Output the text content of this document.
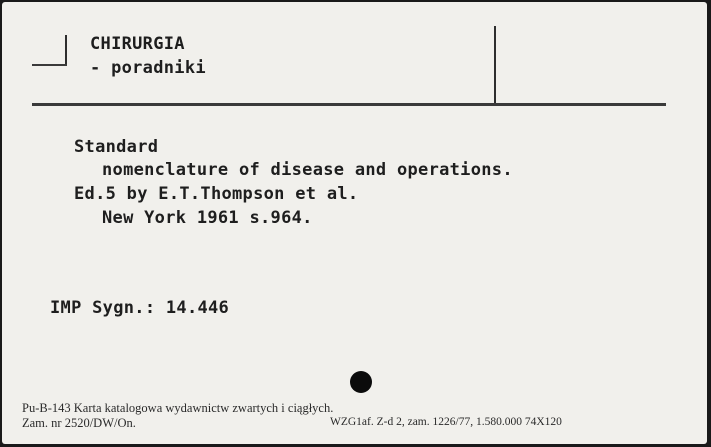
CHIRURGIA
- poradniki
Standard
nomenclature of disease and operations.
Ed.5 by E.T.Thompson et al.
New York 1961 s.964.
IMP Sygn.: 14.446
Pu-B-143 Karta katalogowa wydawnictw zwartych i ciągłych.
Zam. nr 2520/DW/On.	WZG1af. Z-d 2, zam. 1226/77, 1.580.000 74X120
